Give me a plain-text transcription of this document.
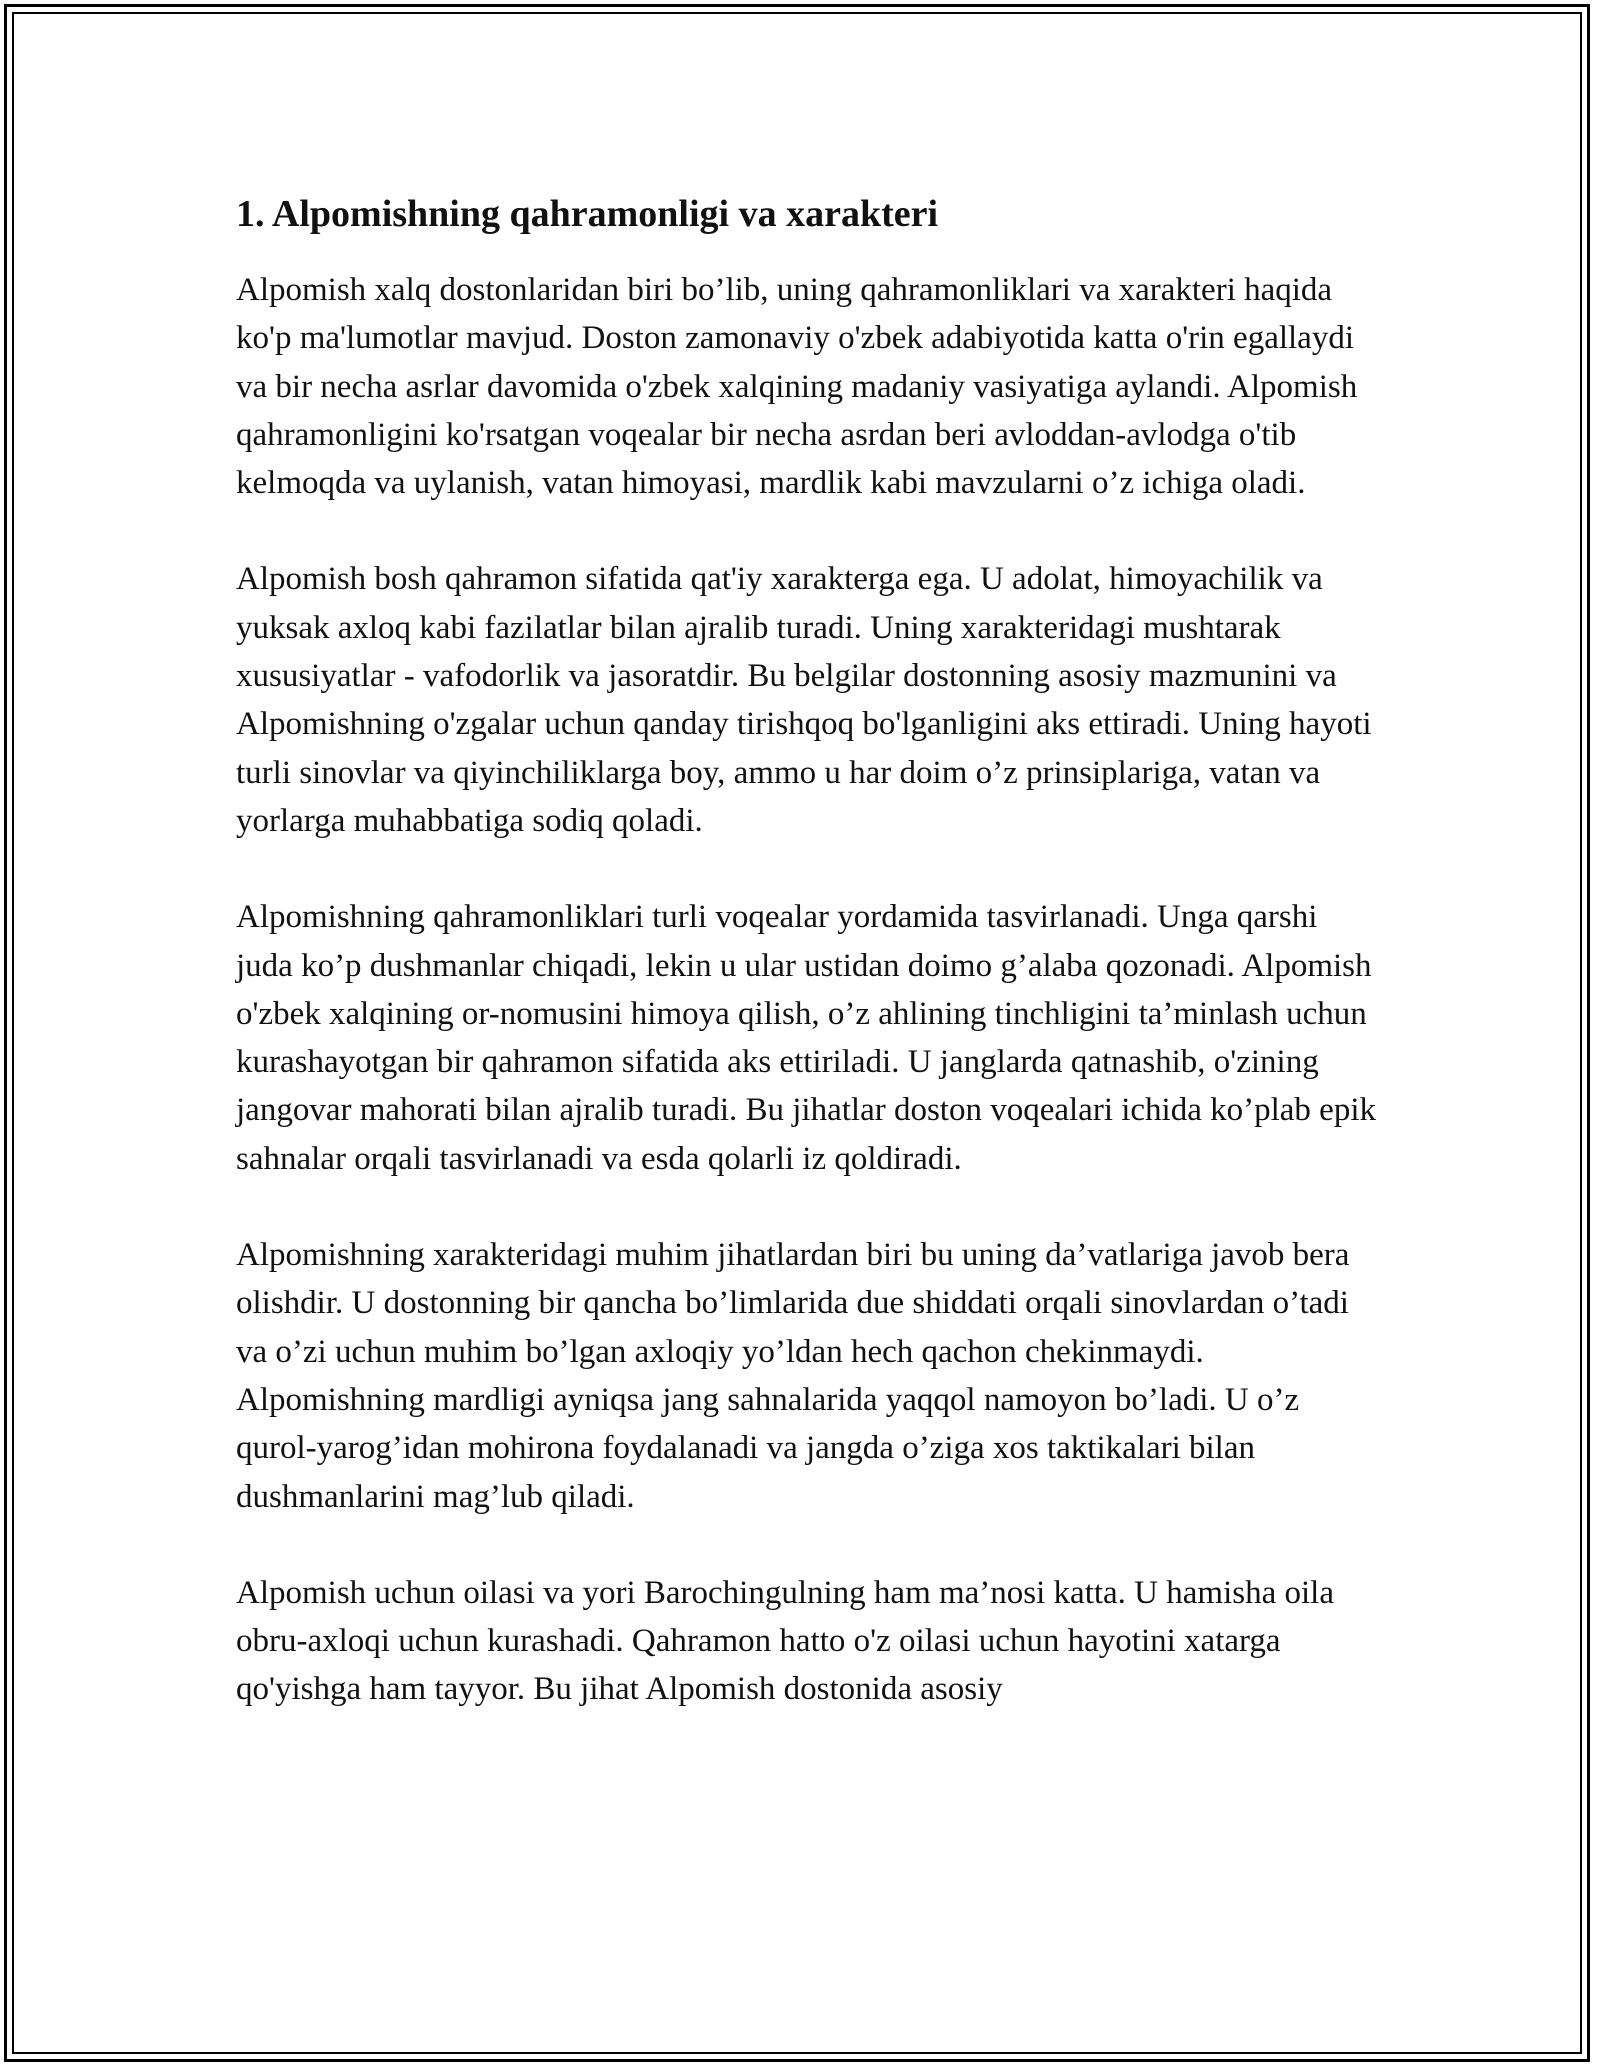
1. Alpomishning qahramonligi va xarakteri

Alpomish xalq dostonlaridan biri bo’lib, uning qahramonliklari va xarakteri haqida ko'p ma'lumotlar mavjud. Doston zamonaviy o'zbek adabiyotida katta o'rin egallaydi va bir necha asrlar davomida o'zbek xalqining madaniy vasiyatiga aylandi. Alpomish qahramonligini ko'rsatgan voqealar bir necha asrdan beri avloddan-avlodga o'tib kelmoqda va uylanish, vatan himoyasi, mardlik kabi mavzularni o’z ichiga oladi.

Alpomish bosh qahramon sifatida qat'iy xarakterga ega. U adolat, himoyachilik va yuksak axloq kabi fazilatlar bilan ajralib turadi. Uning xarakteridagi mushtarak xususiyatlar - vafodorlik va jasoratdir. Bu belgilar dostonning asosiy mazmunini va Alpomishning o'zgalar uchun qanday tirishqoq bo'lganligini aks ettiradi. Uning hayoti turli sinovlar va qiyinchiliklarga boy, ammo u har doim o’z prinsiplariga, vatan va yorlarga muhabbatiga sodiq qoladi.

Alpomishning qahramonliklari turli voqealar yordamida tasvirlanadi. Unga qarshi juda ko’p dushmanlar chiqadi, lekin u ular ustidan doimo g’alaba qozonadi. Alpomish o'zbek xalqining or-nomusini himoya qilish, o’z ahlining tinchligini ta’minlash uchun kurashayotgan bir qahramon sifatida aks ettiriladi. U janglarda qatnashib, o'zining jangovar mahorati bilan ajralib turadi. Bu jihatlar doston voqealari ichida ko’plab epik sahnalar orqali tasvirlanadi va esda qolarli iz qoldiradi.

Alpomishning xarakteridagi muhim jihatlardan biri bu uning da’vatlariga javob bera olishdir. U dostonning bir qancha bo’limlarida due shiddati orqali sinovlardan o’tadi va o’zi uchun muhim bo’lgan axloqiy yo’ldan hech qachon chekinmaydi. Alpomishning mardligi ayniqsa jang sahnalarida yaqqol namoyon bo’ladi. U o’z qurol-yarog’idan mohirona foydalanadi va jangda o’ziga xos taktikalari bilan dushmanlarini mag’lub qiladi.

Alpomish uchun oilasi va yori Barochingulning ham ma’nosi katta. U hamisha oila obru-axloqi uchun kurashadi. Qahramon hatto o'z oilasi uchun hayotini xatarga qo'yishga ham tayyor. Bu jihat Alpomish dostonida asosiy
